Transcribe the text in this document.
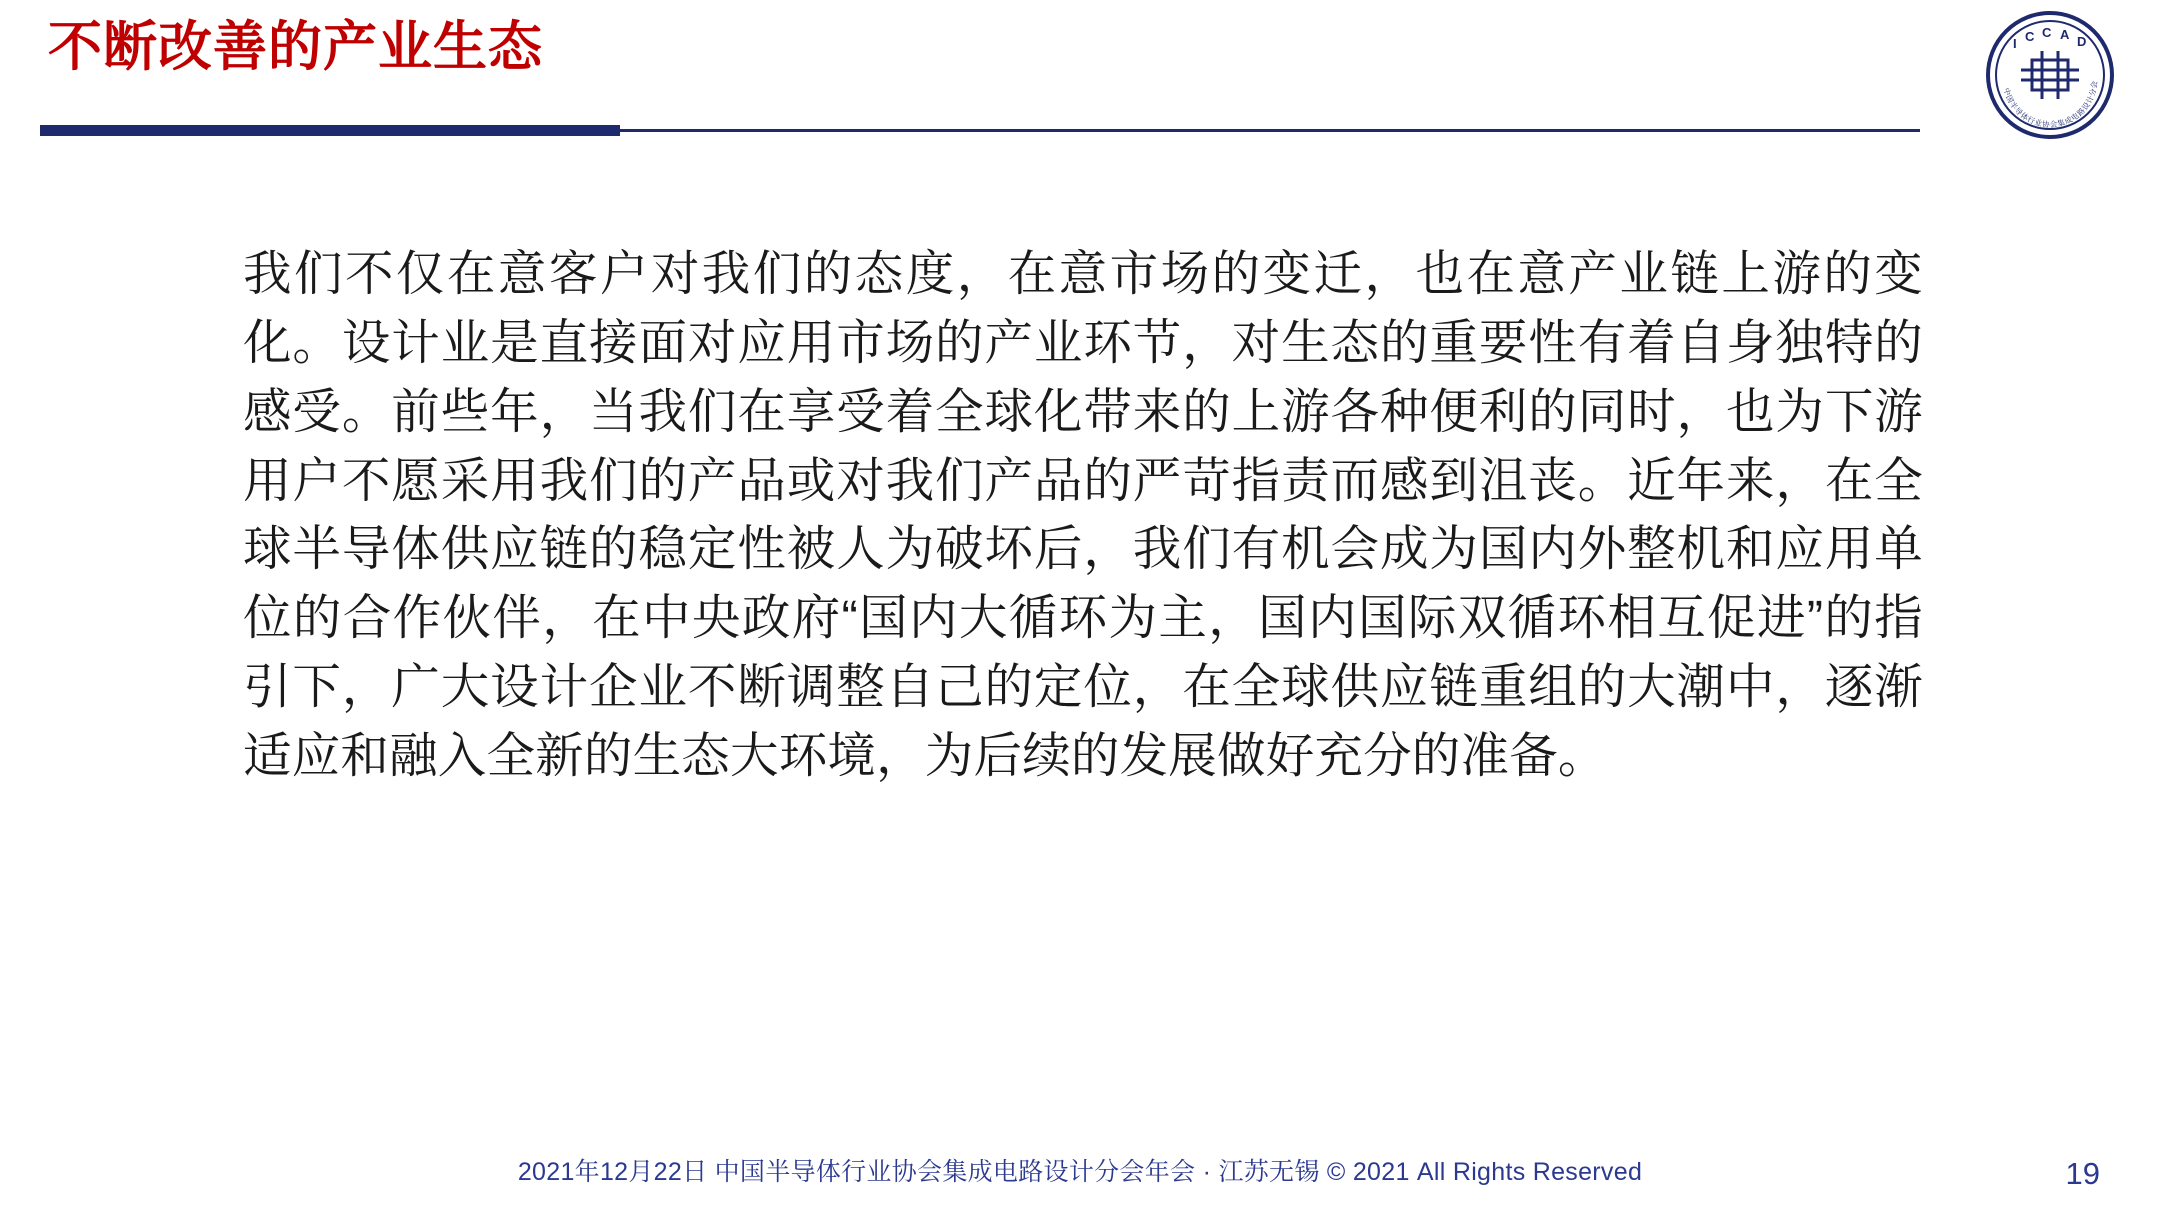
不断改善的产业生态	I C C A D
中国半导体行业协会集成电路设计分会
我们不仅在意客户对我们的态度，在意市场的变迁，也在意产业链上游的变化。设计业是直接面对应用市场的产业环节，对生态的重要性有着自身独特的感受。前些年，当我们在享受着全球化带来的上游各种便利的同时，也为下游用户不愿采用我们的产品或对我们产品的严苛指责而感到沮丧。近年来，在全球半导体供应链的稳定性被人为破坏后，我们有机会成为国内外整机和应用单位的合作伙伴，在中央政府“国内大循环为主，国内国际双循环相互促进”的指引下，广大设计企业不断调整自己的定位，在全球供应链重组的大潮中，逐渐适应和融入全新的生态大环境，为后续的发展做好充分的准备。
2021年12月22日 中国半导体行业协会集成电路设计分会年会 · 江苏无锡 © 2021 All Rights Reserved	19
